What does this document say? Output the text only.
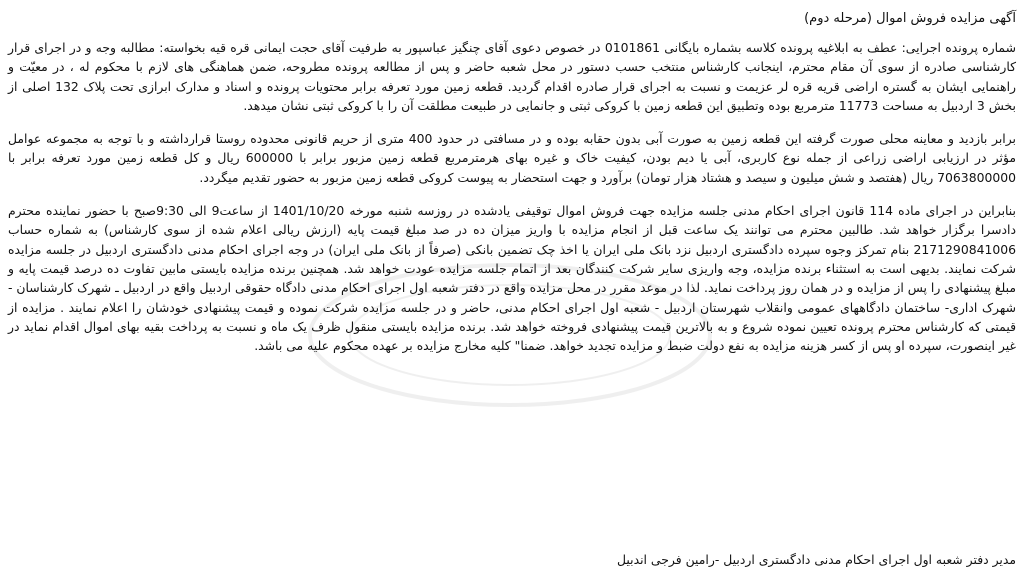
آگهی مزایده فروش اموال (مرحله دوم)

شماره پرونده اجرایی: عطف به ابلاغیه پرونده کلاسه بشماره بایگانی 0101861 در خصوص دعوی آقای چنگیز عباسپور به طرفیت آقای حجت ایمانی قره قیه بخواسته: مطالبه وجه و در اجرای قرار کارشناسی صادره از سوی آن مقام محترم، اینجانب کارشناس منتخب حسب دستور در محل شعبه حاضر و پس از مطالعه پرونده مطروحه، ضمن هماهنگی های لازم با محکوم له ، در معیّت و راهنمایی ایشان به گستره اراضی قریه قره لر عزیمت و نسبت به اجرای قرار صادره اقدام گردید. قطعه زمین مورد تعرفه برابر محتویات پرونده و اسناد و مدارک ابرازی تحت پلاک 132 اصلی از بخش 3 اردبیل به مساحت 11773 مترمربع بوده وتطبیق این قطعه زمین با کروکی ثبتی و جانمایی در طبیعت مطلقت آن را با کروکی ثبتی نشان میدهد.

برابر بازدید و معاینه محلی صورت گرفته این قطعه زمین به صورت آبی بدون حقابه بوده و در مسافتی در حدود 400 متری از حریم قانونی محدوده روستا قرارداشته و با توجه به مجموعه عوامل مؤثر در ارزیابی اراضی زراعی از جمله نوع کاربری، آبی یا دیم بودن، کیفیت خاک و غیره بهای هرمترمربع قطعه زمین مزبور برابر با 600000 ریال و کل قطعه زمین مورد تعرفه برابر با 7063800000 ریال (هفتصد و شش میلیون و سیصد و هشتاد هزار تومان) برآورد و جهت استحضار به پیوست کروکی قطعه زمین مزبور به حضور تقدیم میگردد.

بنابراین در اجرای ماده 114 قانون اجرای احکام مدنی جلسه مزایده جهت فروش اموال توقیفی یادشده در روزسه شنبه مورخه 1401/10/20 از ساعت9 الی 9:30صبح با حضور نماینده محترم دادسرا برگزار خواهد شد. طالبین محترم می توانند یک ساعت قبل از انجام مزایده با واریز میزان ده در صد مبلغ قیمت پایه (ارزش ریالی اعلام شده از سوی کارشناس) به شماره حساب 2171290841006 بنام تمرکز وجوه سپرده دادگستری اردبیل نزد بانک ملی ایران یا اخذ چک تضمین بانکی (صرفاً از بانک ملی ایران) در وجه اجرای احکام مدنی دادگستری اردبیل در جلسه مزایده شرکت نمایند. بدیهی است به استثناء برنده مزایده، وجه واریزی سایر شرکت کنندگان بعد از اتمام جلسه مزایده عودت خواهد شد. همچنین برنده مزایده بایستی مابین تفاوت ده درصد قیمت پایه و مبلغ پیشنهادی را پس از مزایده و در همان روز پرداخت نماید. لذا در موعد مقرر در محل مزایده واقع در دفتر شعبه اول اجرای احکام مدنی دادگاه حقوقی اردبیل واقع در اردبیل ـ شهرک کارشناسان - شهرک اداری- ساختمان دادگاههای عمومی وانقلاب شهرستان اردبیل - شعبه اول اجرای احکام مدنی، حاضر و در جلسه مزایده شرکت نموده و قیمت پیشنهادی خودشان را اعلام نمایند . مزایده از قیمتی که کارشناس محترم پرونده تعیین نموده شروع و به بالاترین قیمت پیشنهادی فروخته خواهد شد. برنده مزایده بایستی منقول ظرف یک ماه و نسبت به پرداخت بقیه بهای اموال اقدام نماید در غیر اینصورت، سپرده او پس از کسر هزینه مزایده به نفع دولت ضبط و مزایده تجدید خواهد. ضمنا" کلیه مخارج مزایده بر عهده محکوم علیه می باشد.

مدیر دفتر شعبه اول اجرای احکام مدنی دادگستری اردبیل -رامین فرجی اندبیل
